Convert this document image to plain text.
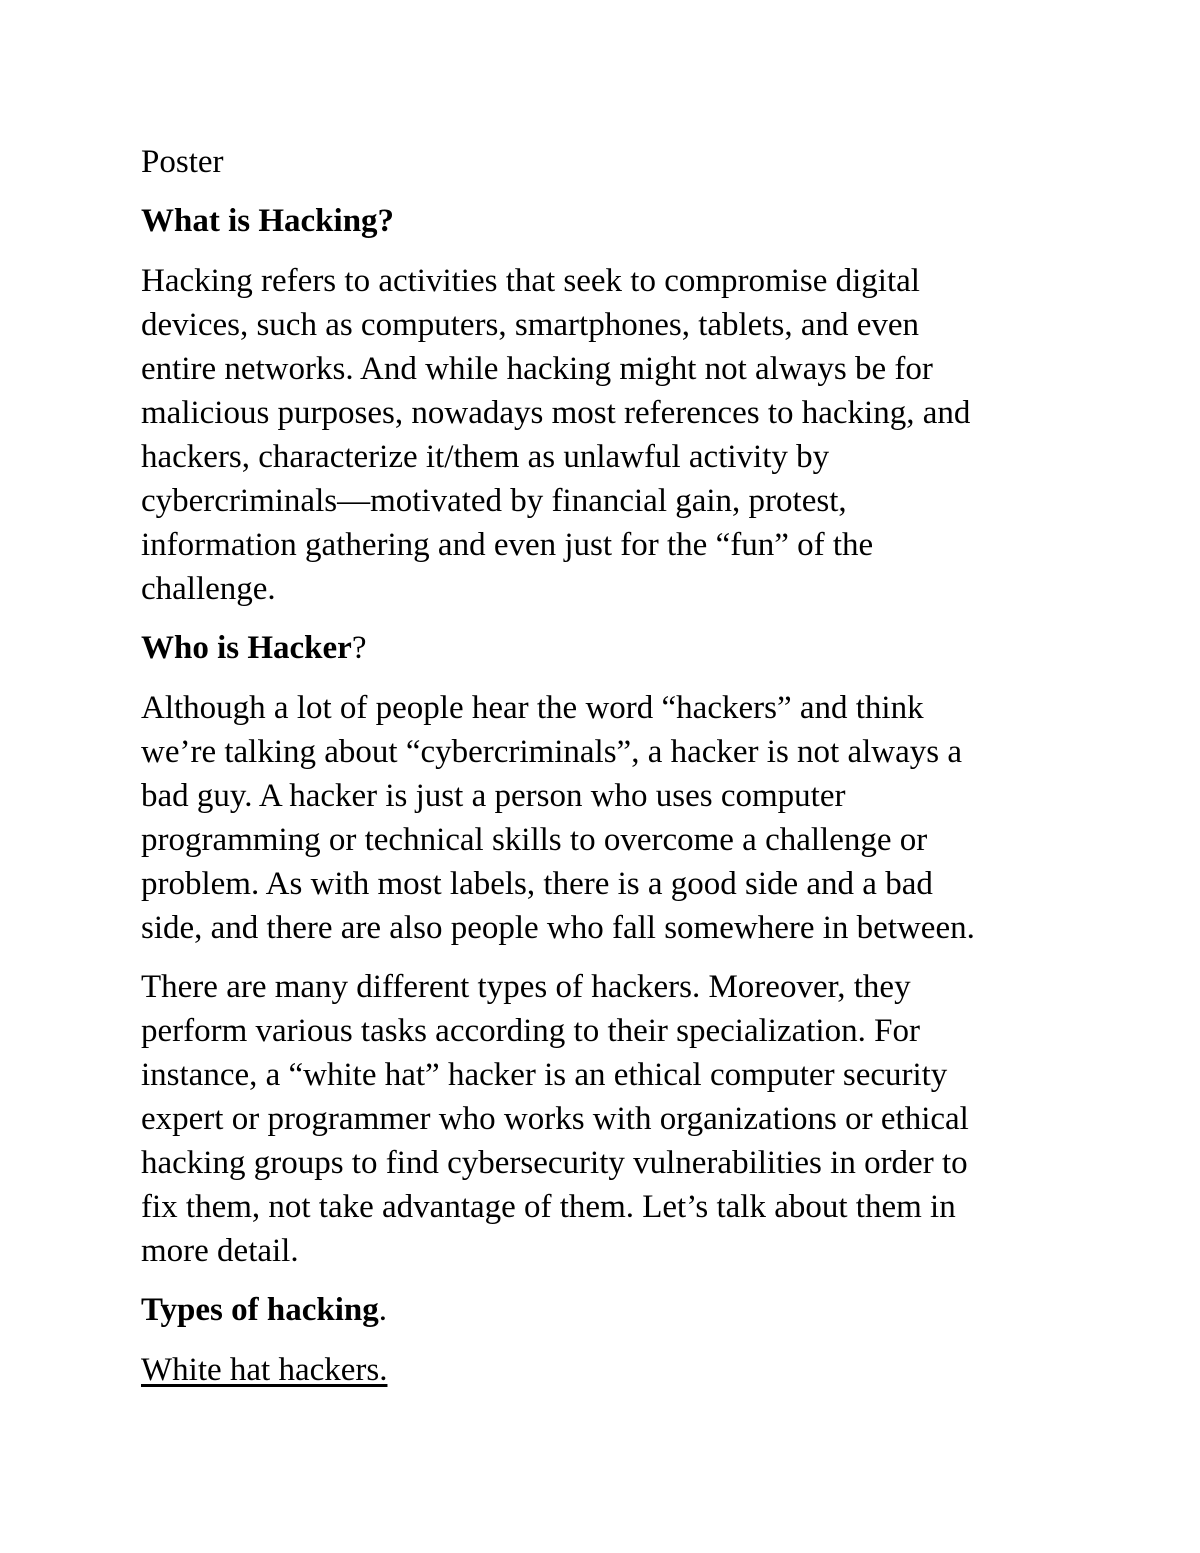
Poster

What is Hacking?

Hacking refers to activities that seek to compromise digital
devices, such as computers, smartphones, tablets, and even
entire networks. And while hacking might not always be for
malicious purposes, nowadays most references to hacking, and
hackers, characterize it/them as unlawful activity by
cybercriminals—motivated by financial gain, protest,
information gathering and even just for the “fun” of the
challenge.

Who is Hacker?

Although a lot of people hear the word “hackers” and think
we’re talking about “cybercriminals”, a hacker is not always a
bad guy. A hacker is just a person who uses computer
programming or technical skills to overcome a challenge or
problem. As with most labels, there is a good side and a bad
side, and there are also people who fall somewhere in between.

There are many different types of hackers. Moreover, they
perform various tasks according to their specialization. For
instance, a “white hat” hacker is an ethical computer security
expert or programmer who works with organizations or ethical
hacking groups to find cybersecurity vulnerabilities in order to
fix them, not take advantage of them. Let’s talk about them in
more detail.

Types of hacking.

White hat hackers.
